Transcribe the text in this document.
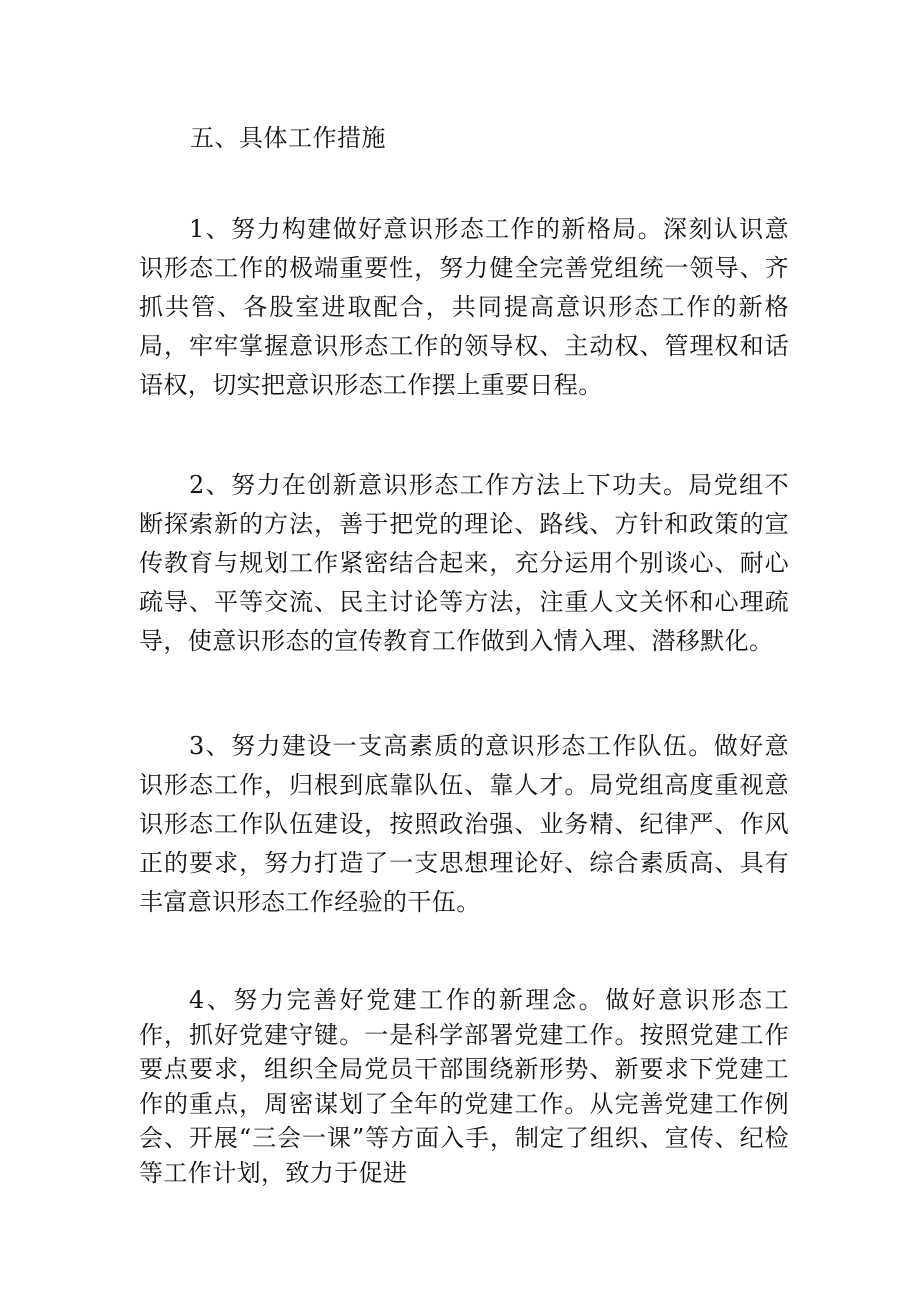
五、具体工作措施

1、努力构建做好意识形态工作的新格局。深刻认识意识形态工作的极端重要性，努力健全完善党组统一领导、齐抓共管、各股室进取配合，共同提高意识形态工作的新格局，牢牢掌握意识形态工作的领导权、主动权、管理权和话语权，切实把意识形态工作摆上重要日程。

2、努力在创新意识形态工作方法上下功夫。局党组不断探索新的方法，善于把党的理论、路线、方针和政策的宣传教育与规划工作紧密结合起来，充分运用个别谈心、耐心疏导、平等交流、民主讨论等方法，注重人文关怀和心理疏导，使意识形态的宣传教育工作做到入情入理、潜移默化。

3、努力建设一支高素质的意识形态工作队伍。做好意识形态工作，归根到底靠队伍、靠人才。局党组高度重视意识形态工作队伍建设，按照政治强、业务精、纪律严、作风正的要求，努力打造了一支思想理论好、综合素质高、具有丰富意识形态工作经验的干伍。

4、努力完善好党建工作的新理念。做好意识形态工作，抓好党建守键。一是科学部署党建工作。按照党建工作要点要求，组织全局党员干部围绕新形势、新要求下党建工作的重点，周密谋划了全年的党建工作。从完善党建工作例会、开展“三会一课”等方面入手，制定了组织、宣传、纪检等工作计划，致力于促进
